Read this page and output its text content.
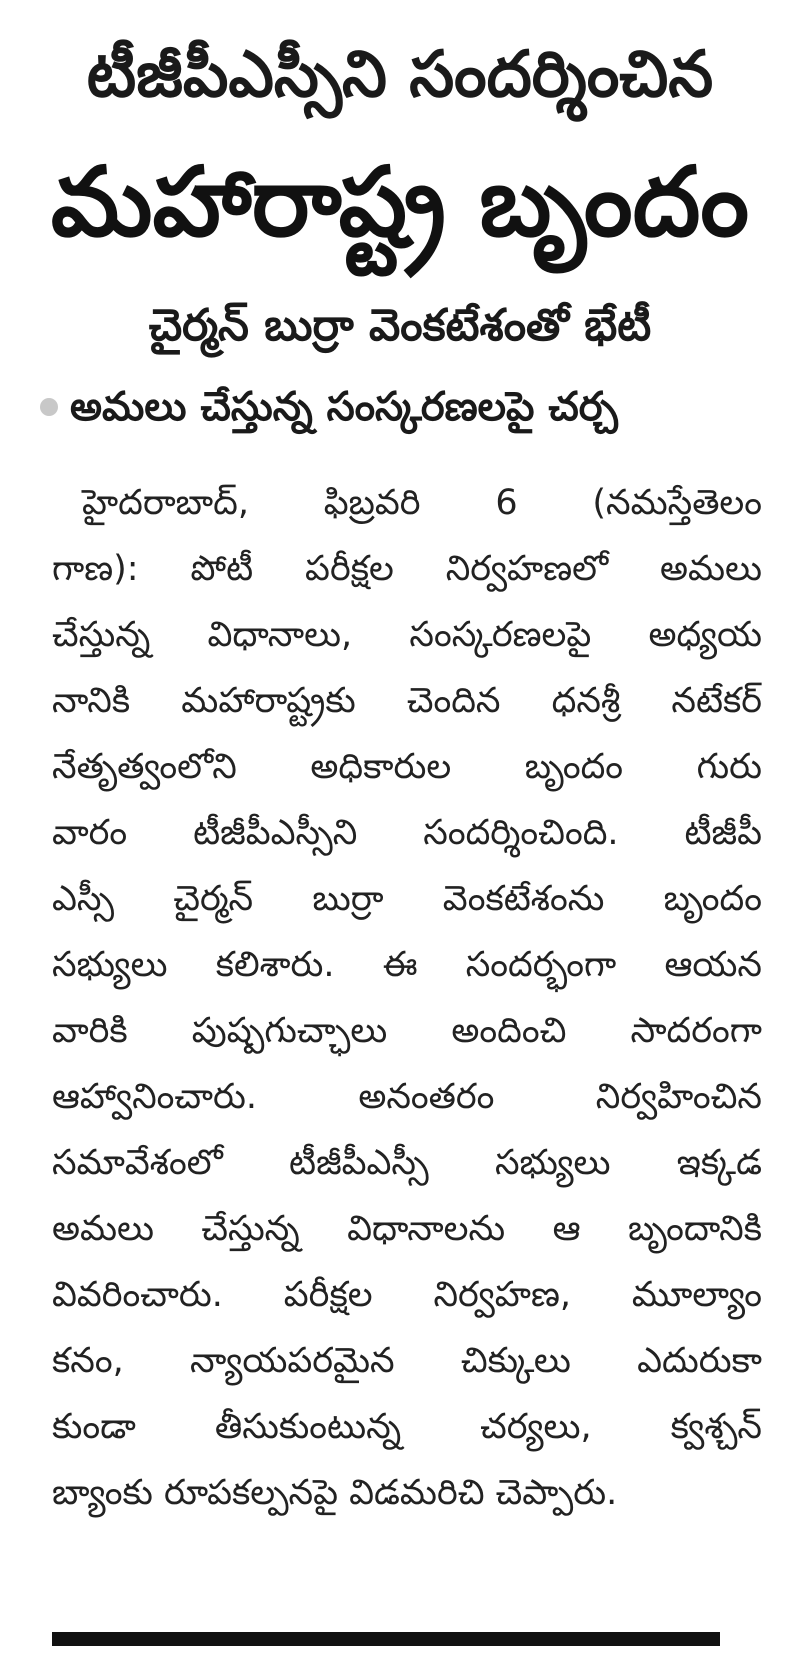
టీజీపీఎస్సీని సందర్శించిన
మహారాష్ట్ర బృందం
చైర్మన్ బుర్రా వెంకటేశంతో భేటీ
అమలు చేస్తున్న సంస్కరణలపై చర్చ
హైదరాబాద్, ఫిబ్రవరి 6 (నమస్తేతెలం
గాణ): పోటీ పరీక్షల నిర్వహణలో అమలు
చేస్తున్న విధానాలు, సంస్కరణలపై అధ్యయ
నానికి మహారాష్ట్రకు చెందిన ధనశ్రీ నటేకర్
నేతృత్వంలోని అధికారుల బృందం గురు
వారం టీజీపీఎస్సీని సందర్శించింది. టీజీపీ
ఎస్సీ చైర్మన్ బుర్రా వెంకటేశంను బృందం
సభ్యులు కలిశారు. ఈ సందర్భంగా ఆయన
వారికి పుష్పగుచ్ఛాలు అందించి సాదరంగా
ఆహ్వానించారు. అనంతరం నిర్వహించిన
సమావేశంలో టీజీపీఎస్సీ సభ్యులు ఇక్కడ
అమలు చేస్తున్న విధానాలను ఆ బృందానికి
వివరించారు. పరీక్షల నిర్వహణ, మూల్యాం
కనం, న్యాయపరమైన చిక్కులు ఎదురుకా
కుండా తీసుకుంటున్న చర్యలు, క్వశ్చన్
బ్యాంకు రూపకల్పనపై విడమరిచి చెప్పారు.
